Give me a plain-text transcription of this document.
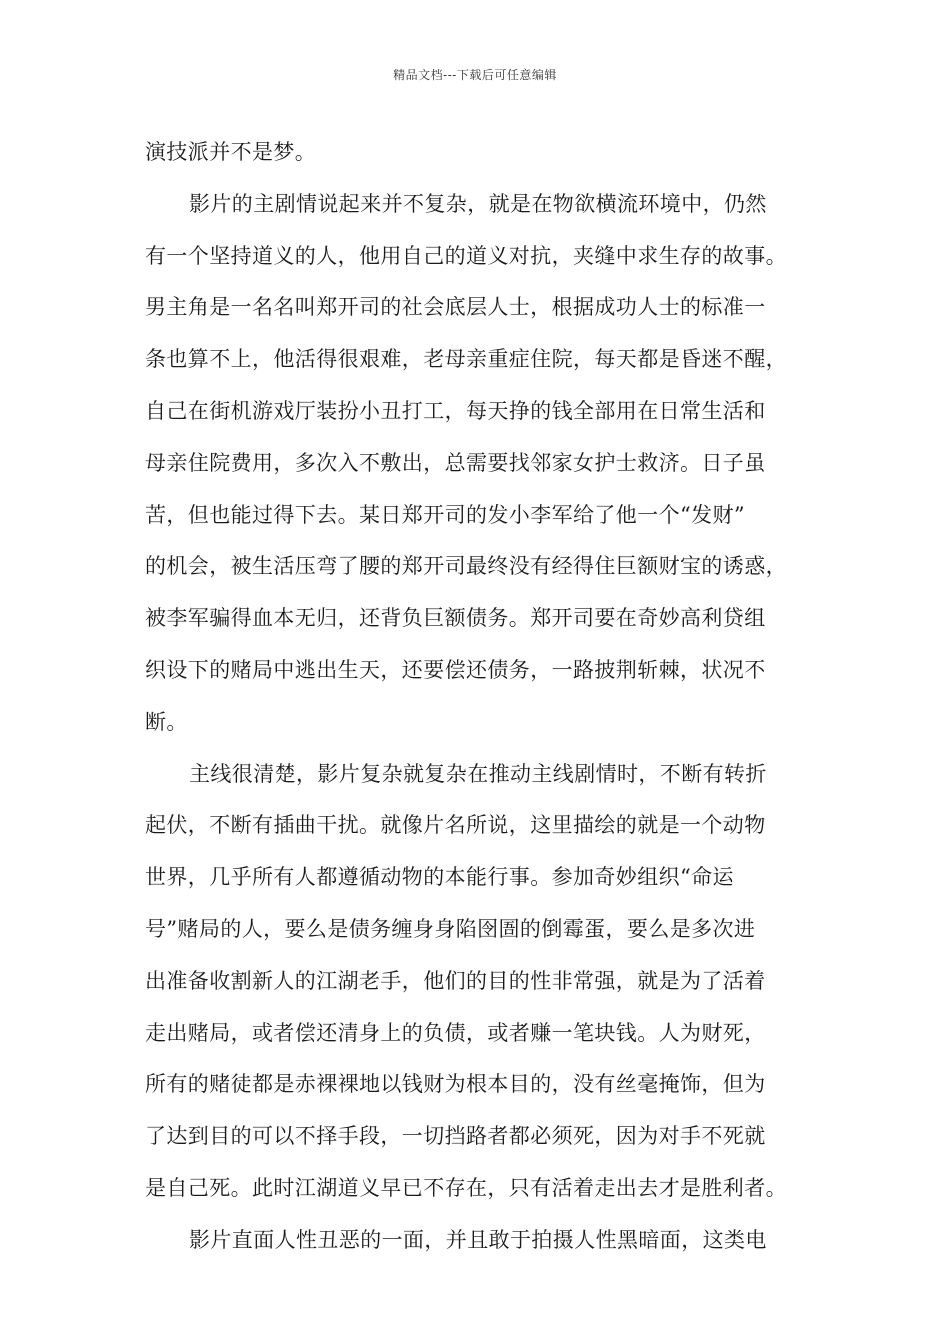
精品文档---下载后可任意编辑
演技派并不是梦。
影片的主剧情说起来并不复杂，就是在物欲横流环境中，仍然
有一个坚持道义的人，他用自己的道义对抗，夹缝中求生存的故事。
男主角是一名名叫郑开司的社会底层人士，根据成功人士的标准一
条也算不上，他活得很艰难，老母亲重症住院，每天都是昏迷不醒，
自己在街机游戏厅装扮小丑打工，每天挣的钱全部用在日常生活和
母亲住院费用，多次入不敷出，总需要找邻家女护士救济。日子虽
苦，但也能过得下去。某日郑开司的发小李军给了他一个“发财”
的机会，被生活压弯了腰的郑开司最终没有经得住巨额财宝的诱惑，
被李军骗得血本无归，还背负巨额债务。郑开司要在奇妙高利贷组
织设下的赌局中逃出生天，还要偿还债务，一路披荆斩棘，状况不
断。
主线很清楚，影片复杂就复杂在推动主线剧情时，不断有转折
起伏，不断有插曲干扰。就像片名所说，这里描绘的就是一个动物
世界，几乎所有人都遵循动物的本能行事。参加奇妙组织“命运
号”赌局的人，要么是债务缠身身陷囹圄的倒霉蛋，要么是多次进
出准备收割新人的江湖老手，他们的目的性非常强，就是为了活着
走出赌局，或者偿还清身上的负债，或者赚一笔块钱。人为财死，
所有的赌徒都是赤裸裸地以钱财为根本目的，没有丝毫掩饰，但为
了达到目的可以不择手段，一切挡路者都必须死，因为对手不死就
是自己死。此时江湖道义早已不存在，只有活着走出去才是胜利者。
影片直面人性丑恶的一面，并且敢于拍摄人性黑暗面，这类电
